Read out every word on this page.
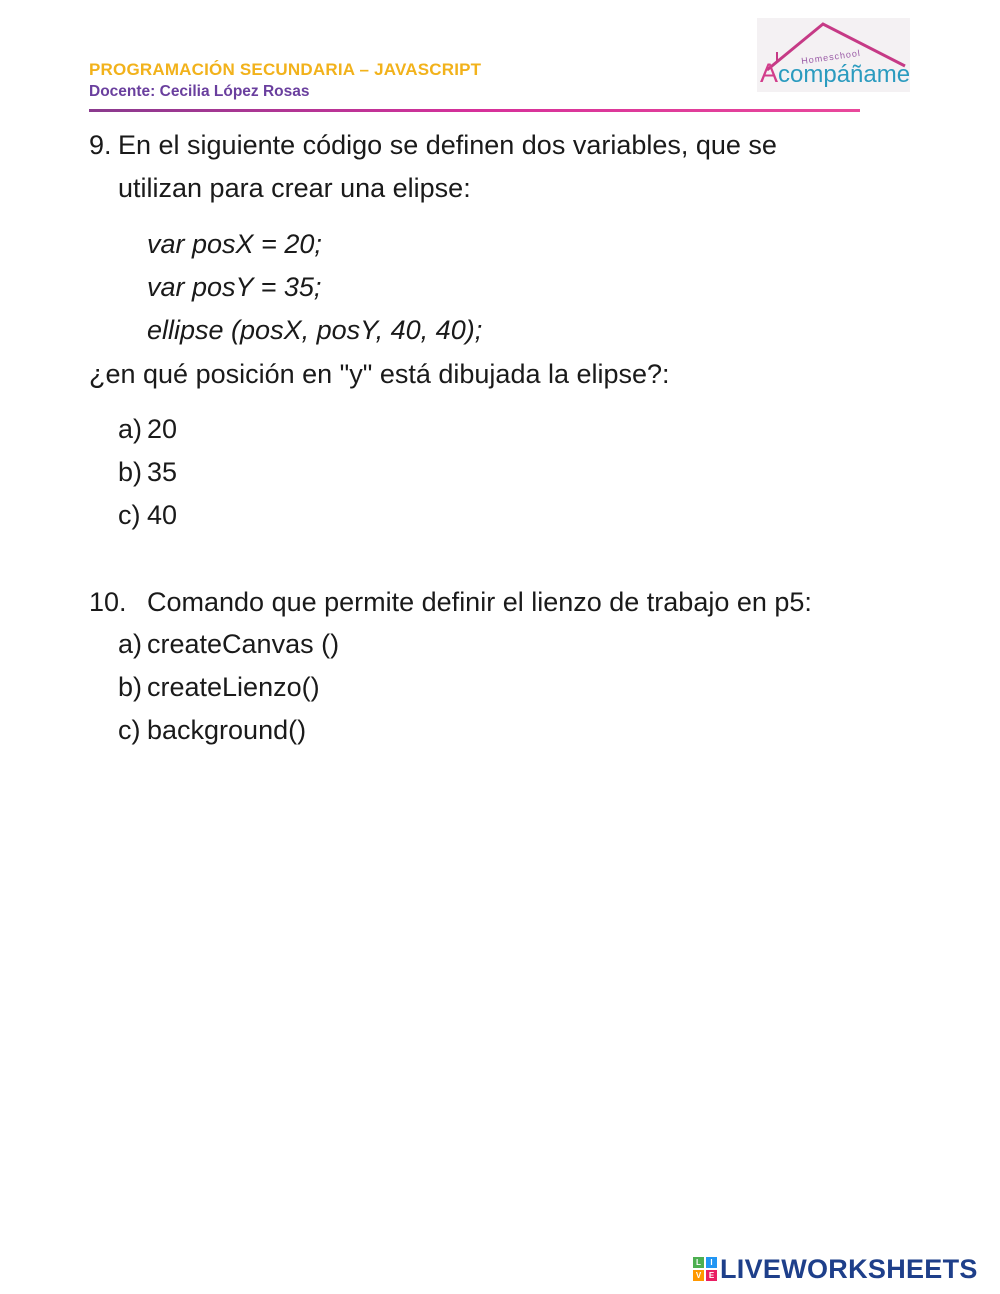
PROGRAMACIÓN SECUNDARIA – JAVASCRIPT
Docente: Cecilia López Rosas
Homeschool
Acompáñame
9. En el siguiente código se definen dos variables, que se
utilizan para crear una elipse:
var posX = 20;
var posY = 35;
ellipse (posX, posY, 40, 40);
¿en qué posición en "y" está dibujada la elipse?:
a) 20
b) 35
c) 40
10. Comando que permite definir el lienzo de trabajo en p5:
a) createCanvas ()
b) createLienzo()
c) background()
L	I
V E LIVEWORKSHEETS
